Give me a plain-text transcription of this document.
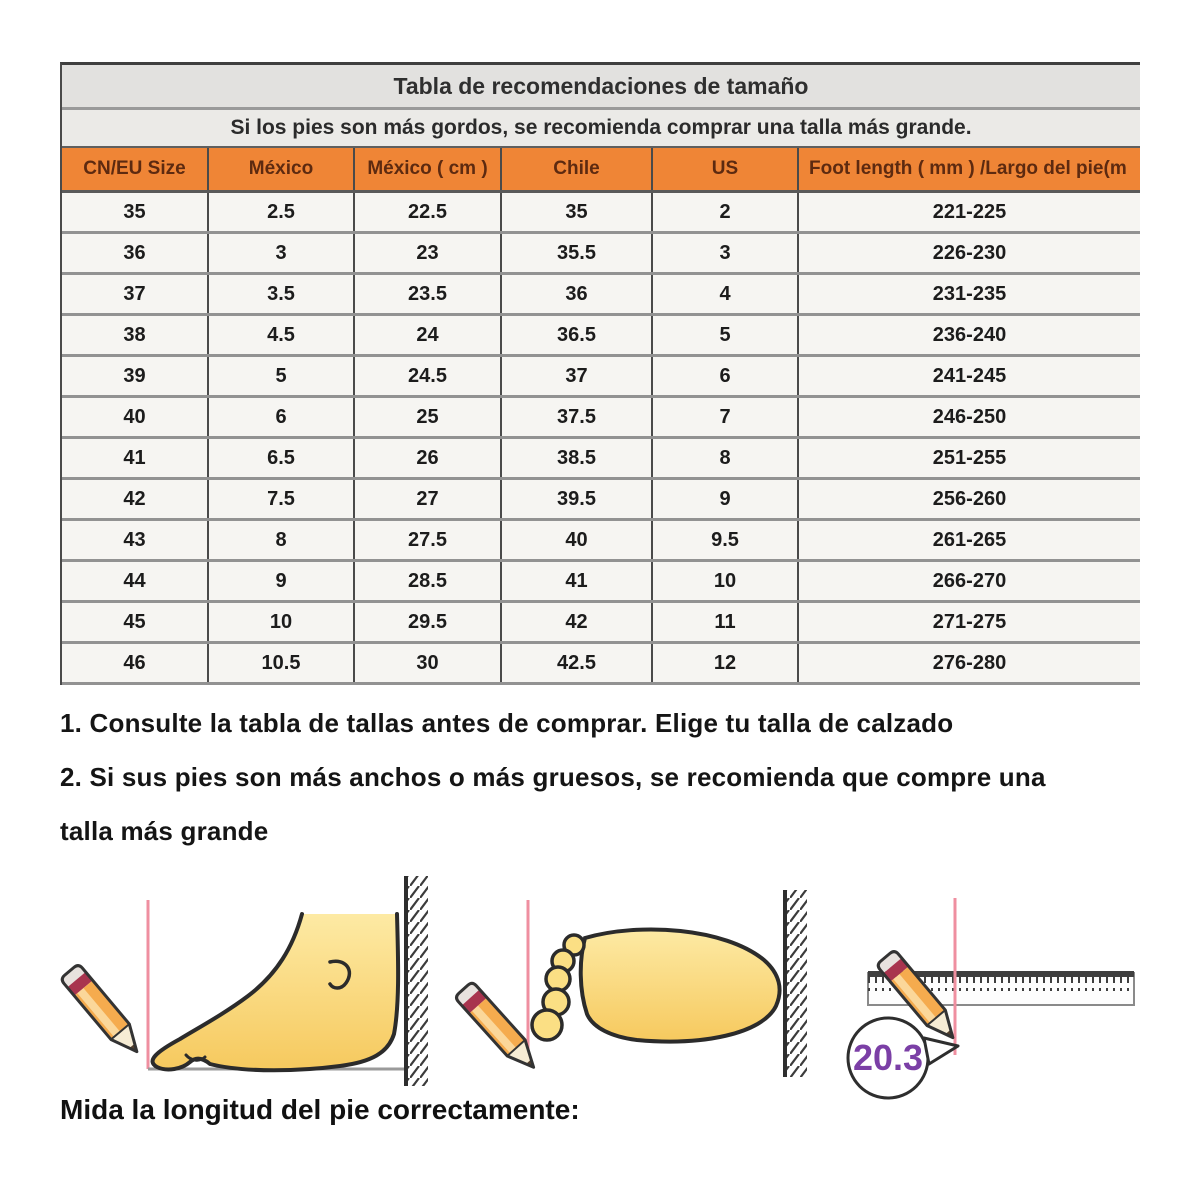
Tabla de recomendaciones de tamaño
Si los pies son más gordos, se recomienda comprar una talla más grande.
CN/EU Size	México	México ( cm )	Chile	US	Foot length ( mm ) /Largo del pie(m
35	2.5	22.5	35	2	221-225
36	3	23	35.5	3	226-230
37	3.5	23.5	36	4	231-235
38	4.5	24	36.5	5	236-240
39	5	24.5	37	6	241-245
40	6	25	37.5	7	246-250
41	6.5	26	38.5	8	251-255
42	7.5	27	39.5	9	256-260
43	8	27.5	40	9.5	261-265
44	9	28.5	41	10	266-270
45	10	29.5	42	11	271-275
46	10.5	30	42.5	12	276-280

1. Consulte la tabla de tallas antes de comprar. Elige tu talla de calzado

2. Si sus pies son más anchos o más gruesos, se recomienda que compre una

talla más grande

20.3
Mida la longitud del pie correctamente:
